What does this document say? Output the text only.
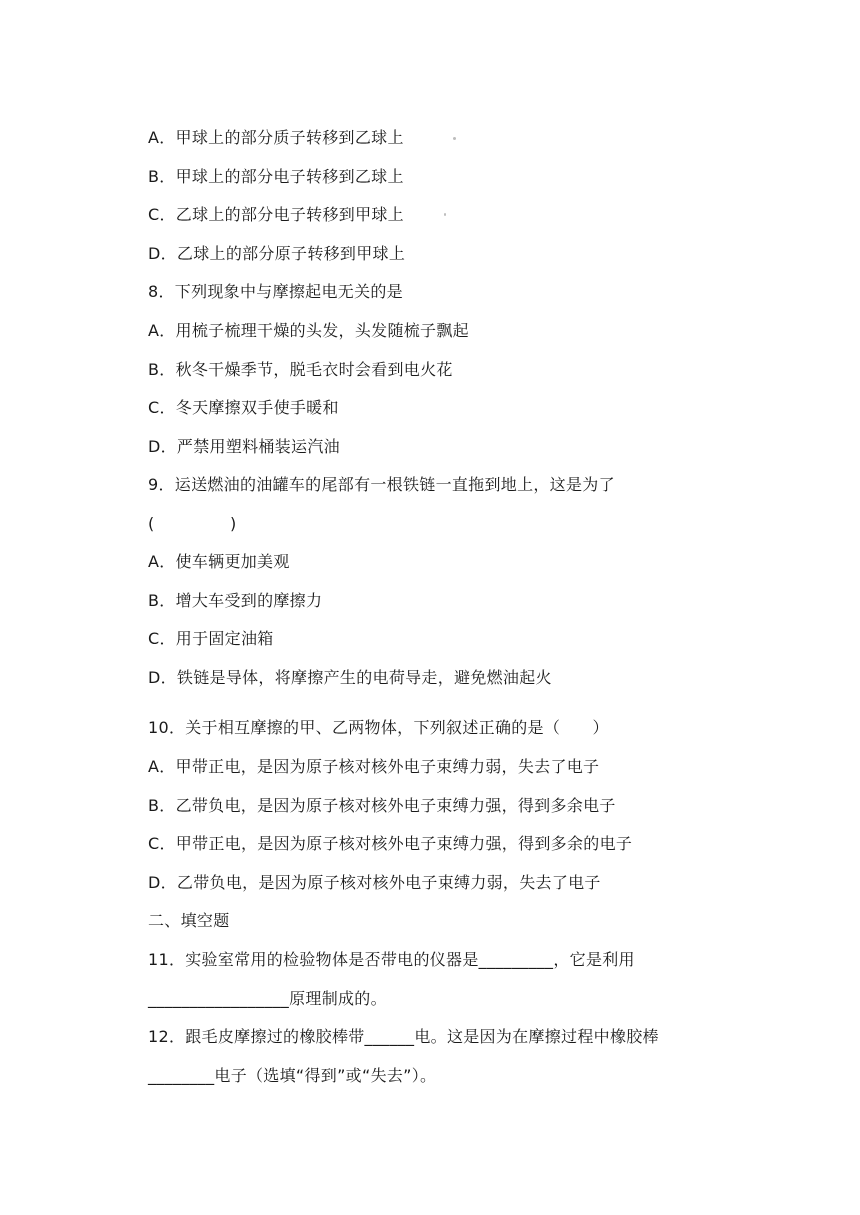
A．甲球上的部分质子转移到乙球上
B．甲球上的部分电子转移到乙球上
C．乙球上的部分电子转移到甲球上
D．乙球上的部分原子转移到甲球上
8．下列现象中与摩擦起电无关的是
A．用梳子梳理干燥的头发，头发随梳子飘起
B．秋冬干燥季节，脱毛衣时会看到电火花
C．冬天摩擦双手使手暖和
D．严禁用塑料桶装运汽油
9．运送燃油的油罐车的尾部有一根铁链一直拖到地上，这是为了
(              )
A．使车辆更加美观
B．增大车受到的摩擦力
C．用于固定油箱
D．铁链是导体，将摩擦产生的电荷导走，避免燃油起火
10．关于相互摩擦的甲、乙两物体，下列叙述正确的是（      ）
A．甲带正电，是因为原子核对核外电子束缚力弱，失去了电子
B．乙带负电，是因为原子核对核外电子束缚力强，得到多余电子
C．甲带正电，是因为原子核对核外电子束缚力强，得到多余的电子
D．乙带负电，是因为原子核对核外电子束缚力弱，失去了电子
二、填空题
11．实验室常用的检验物体是否带电的仪器是_________，它是利用
_________________原理制成的。
12．跟毛皮摩擦过的橡胶棒带______电。这是因为在摩擦过程中橡胶棒
________电子（选填“得到”或“失去”）。
